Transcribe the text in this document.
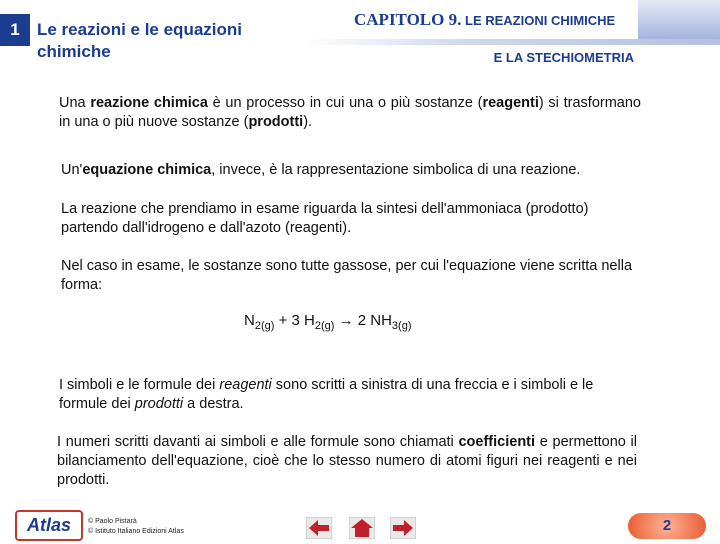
1	Le reazioni e le equazioni
chimiche
CAPITOLO 9. LE REAZIONI CHIMICHE
E LA STECHIOMETRIA
Una reazione chimica è un processo in cui una o più sostanze (reagenti) si trasformano in una o più nuove sostanze (prodotti).
Un'equazione chimica, invece, è la rappresentazione simbolica di una reazione.
La reazione che prendiamo in esame riguarda la sintesi dell'ammoniaca (prodotto) partendo dall'idrogeno e dall'azoto (reagenti).
Nel caso in esame, le sostanze sono tutte gassose, per cui l'equazione viene scritta nella forma:
$N_{2(g)} + 3$ $H_{2(g)} \to 2$ $NH_{3(g)}$
I simboli e le formule dei reagenti sono scritti a sinistra di una freccia e i simboli e le formule dei prodotti a destra.
I numeri scritti davanti ai simboli e alle formule sono chiamati coefficienti e permettono il bilanciamento dell'equazione, cioè che lo stesso numero di atomi figuri nei reagenti e nei prodotti.
Atlas	© Paolo Pistarà
© Istituto Italiano Edizioni Atlas	2
